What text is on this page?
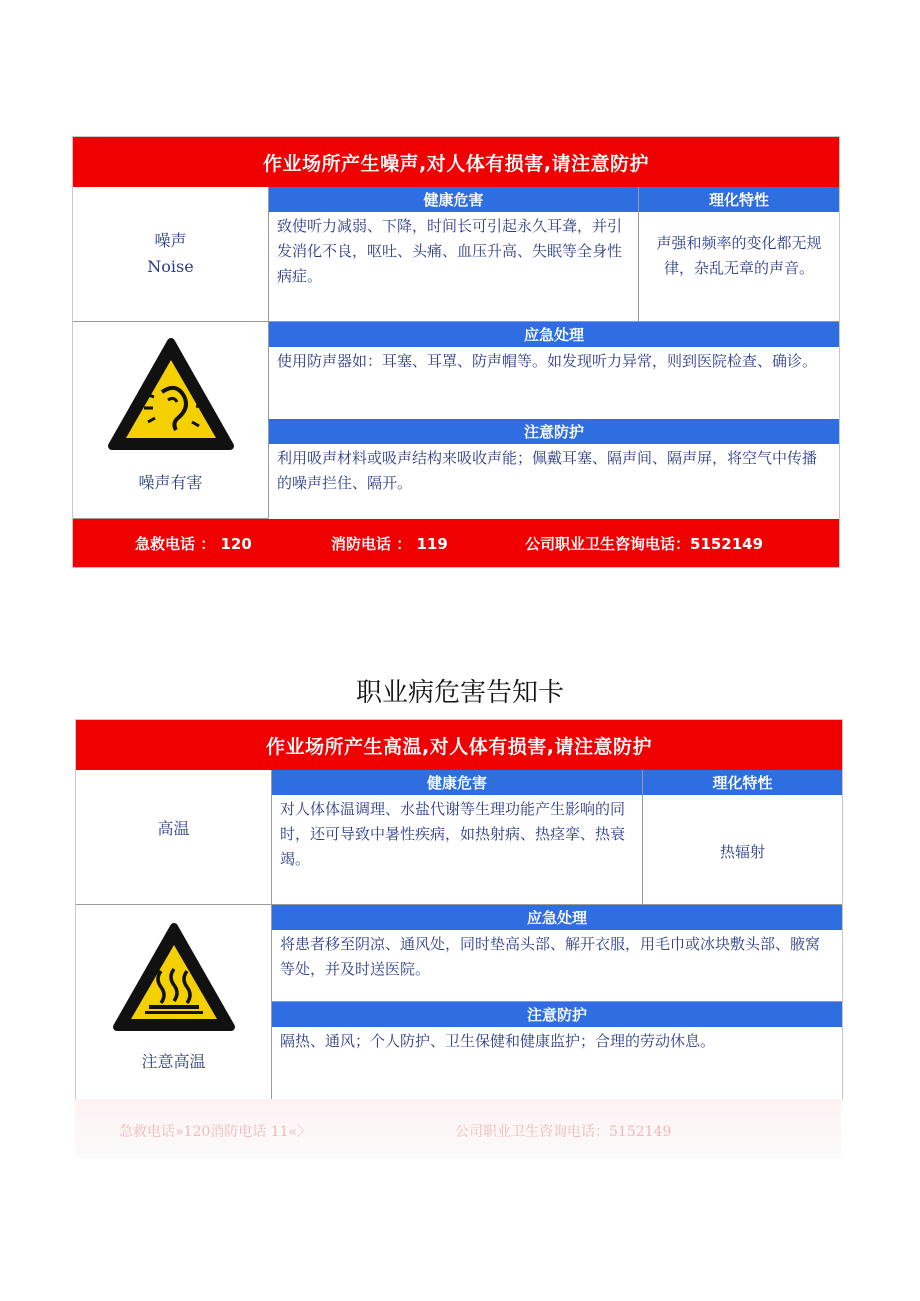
作业场所产生噪声,对人体有损害,请注意防护
噪声
Noise
健康危害	理化特性
致使听力减弱、下降，时间长可引起永久耳聋，并引发消化不良，呕吐、头痛、血压升高、失眠等全身性病症。
声强和频率的变化都无规律，杂乱无章的声音。
噪声有害
应急处理
使用防声器如：耳塞、耳罩、防声帽等。如发现听力异常，则到医院检查、确诊。
注意防护
利用吸声材料或吸声结构来吸收声能；佩戴耳塞、隔声间、隔声屏，将空气中传播的噪声拦住、隔开。
急救电话 ： 120	消防电话 ： 119	公司职业卫生咨询电话：5152149
职业病危害告知卡
作业场所产生高温,对人体有损害,请注意防护
高温
健康危害	理化特性
对人体体温调理、水盐代谢等生理功能产生影响的同时，还可导致中暑性疾病，如热射病、热痉挛、热衰竭。	热辐射
注意高温
应急处理
将患者移至阴凉、通风处，同时垫高头部、解开衣服，用毛巾或冰块敷头部、腋窝等处，并及时送医院。
注意防护
隔热、通风；个人防护、卫生保健和健康监护；合理的劳动休息。
急救电话»120消防电话 11«〉	公司职业卫生咨询电话：5152149
